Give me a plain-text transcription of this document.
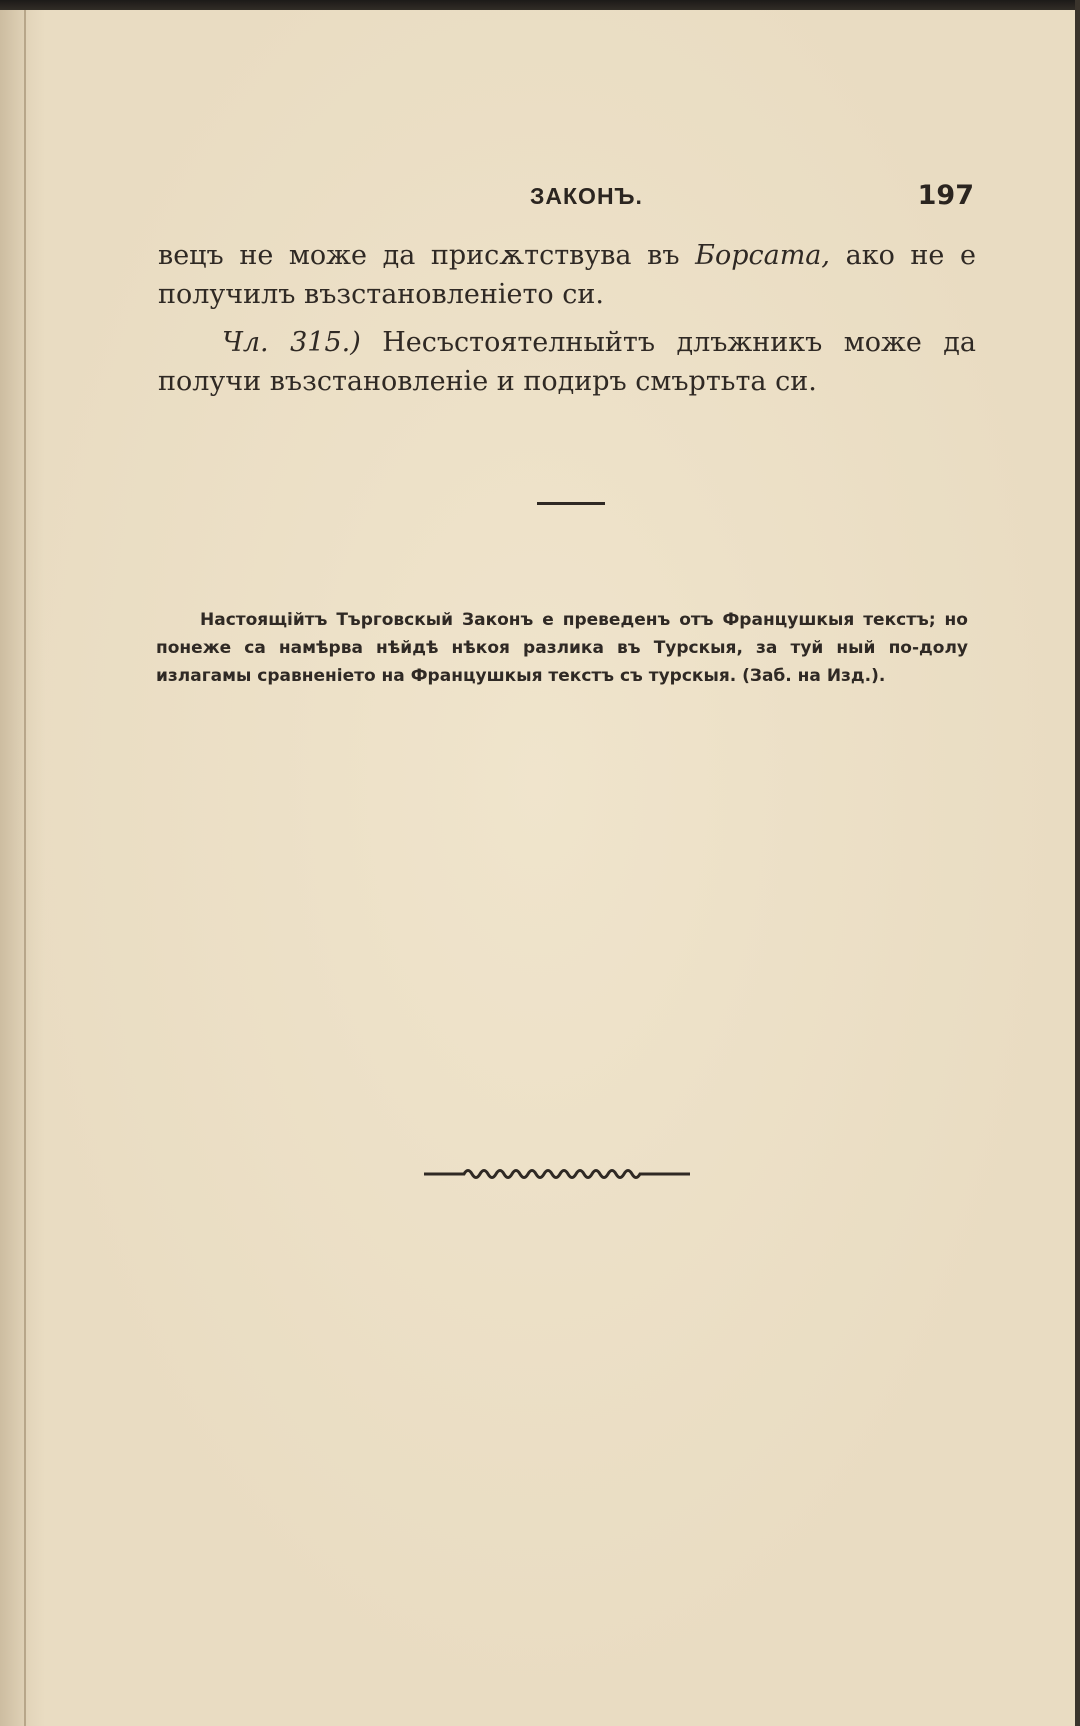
ЗАКОНЪ.	197

вецъ не може да присѫтствува въ Борсата, ако не е получилъ възстановленіето си.

Чл. 315.) Несъстоятелныйтъ длъжникъ може да получи възстановленіе и подиръ смъртьта си.

Настоящійтъ Търговскый Законъ е преведенъ отъ Францушкыя текстъ; но понеже са намѣрва нѣйдѣ нѣкоя разлика въ Турскыя, за туй ный по-долу излагамы сравненіето на Францушкыя текстъ съ турскыя. (Заб. на Изд.).
